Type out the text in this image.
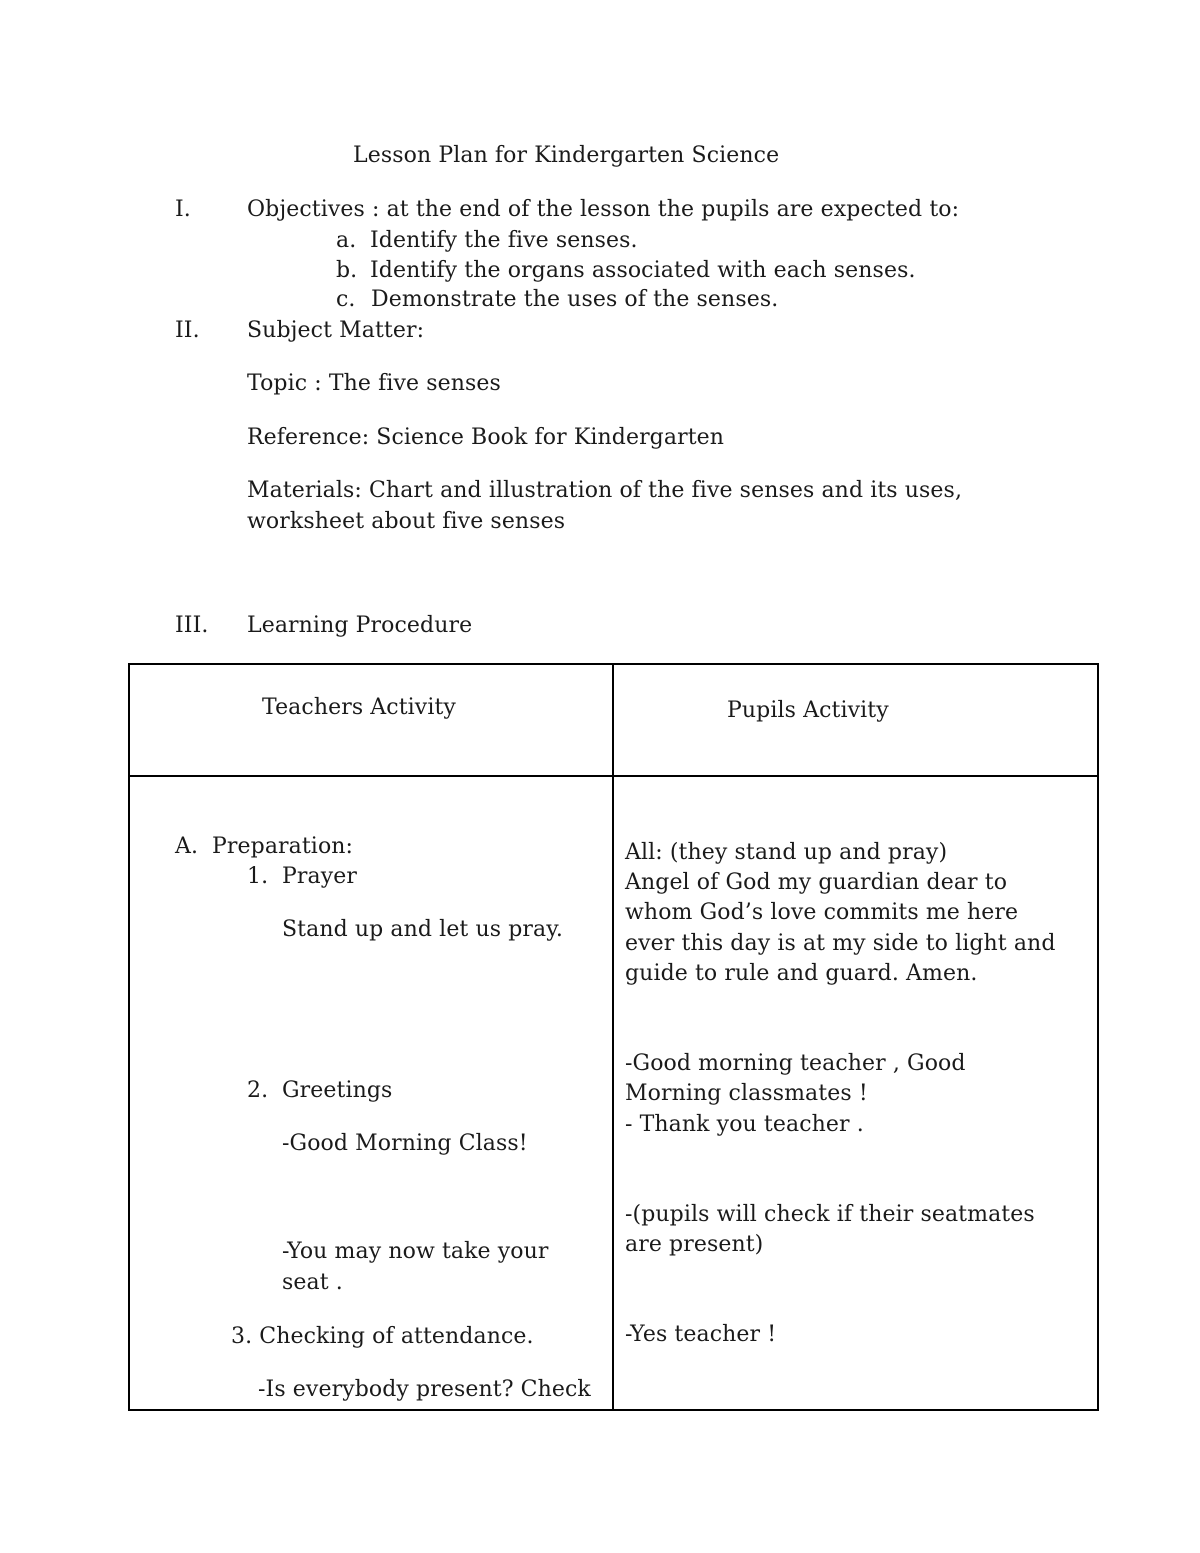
Lesson Plan for Kindergarten Science
I.	Objectives : at the end of the lesson the pupils are expected to:
a. Identify the five senses.
b. Identify the organs associated with each senses.
c. Demonstrate the uses of the senses.
II. Subject Matter:
Topic : The five senses
Reference: Science Book for Kindergarten
Materials: Chart and illustration of the five senses and its uses,
worksheet about five senses
III. Learning Procedure
Teachers Activity	Pupils Activity
A. Preparation:
1. Prayer
Stand up and let us pray.
2. Greetings
-Good Morning Class!
-You may now take your
seat .
3. Checking of attendance.
-Is everybody present? Check
All: (they stand up and pray)
Angel of God my guardian dear to
whom God’s love commits me here
ever this day is at my side to light and
guide to rule and guard. Amen.
-Good morning teacher , Good
Morning classmates !
- Thank you teacher .
-(pupils will check if their seatmates
are present)
-Yes teacher !
